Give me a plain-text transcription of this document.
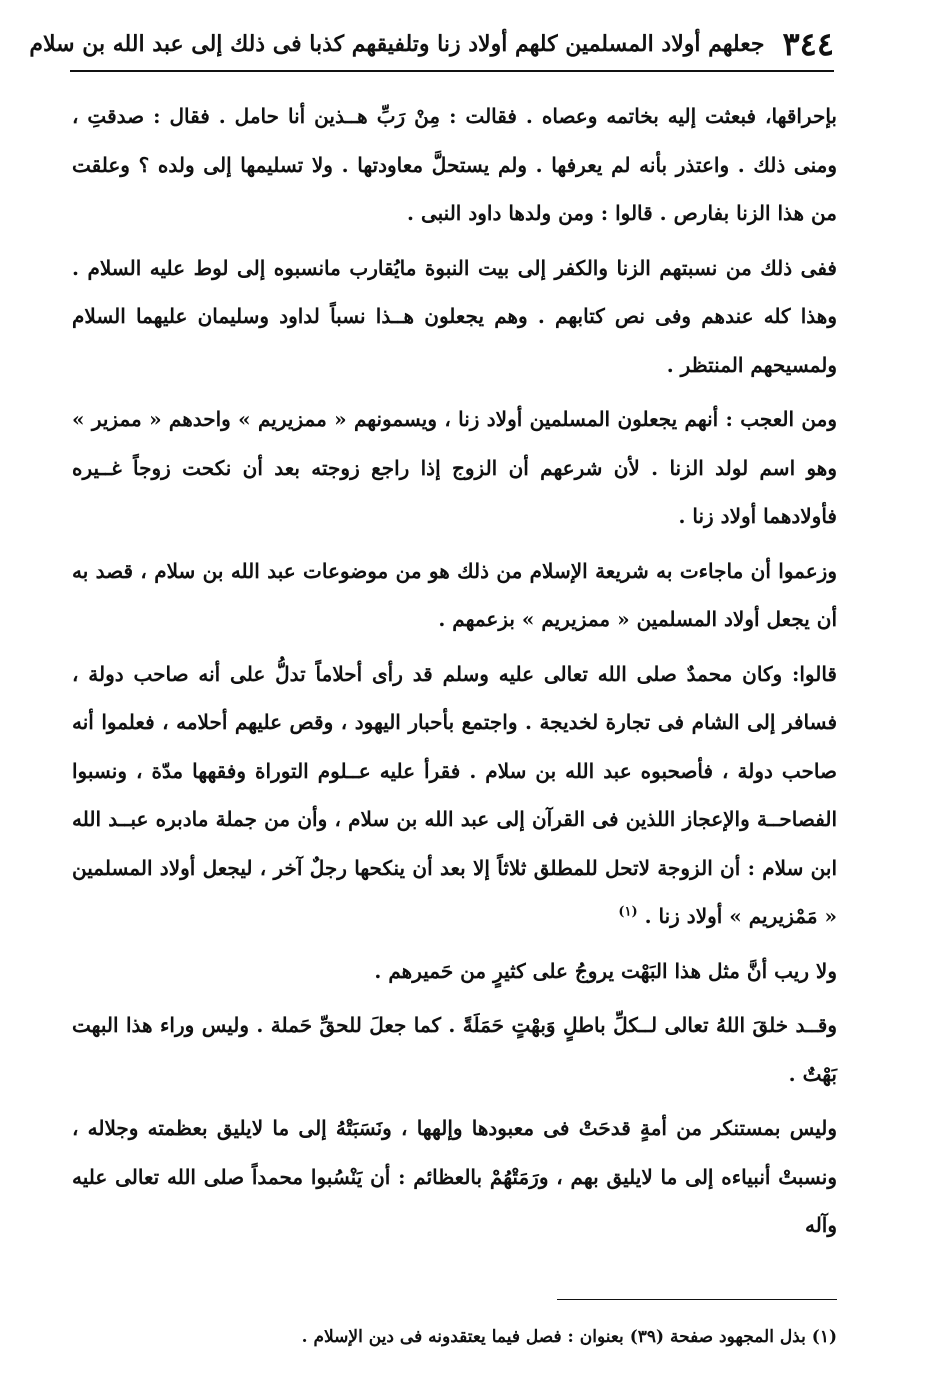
٣٤٤
جعلهم أولاد المسلمين كلهم أولاد زنا وتلفيقهم كذبا فى ذلك إلى عبد الله بن سلام

بإحراقها، فبعثت إليه بخاتمه وعصاه . فقالت : مِنْ رَبِّ هــذين أنا حامل . فقال : صدقتِ ، ومنى ذلك . واعتذر بأنه لم يعرفها . ولم يستحلَّ معاودتها . ولا تسليمها إلى ولده ؟ وعلقت من هذا الزنا بفارص . قالوا : ومن ولدها داود النبى .

ففى ذلك من نسبتهم الزنا والكفر إلى بيت النبوة مايُقارب مانسبوه إلى لوط عليه السلام . وهذا كله عندهم وفى نص كتابهم . وهم يجعلون هــذا نسباً لداود وسليمان عليهما السلام ولمسيحهم المنتظر .

ومن العجب : أنهم يجعلون المسلمين أولاد زنا ، ويسمونهم « ممزيريم » واحدهم « ممزير » وهو اسم لولد الزنا . لأن شرعهم أن الزوج إذا راجع زوجته بعد أن نكحت زوجاً غــيره فأولادهما أولاد زنا .

وزعموا أن ماجاءت به شريعة الإسلام من ذلك هو من موضوعات عبد الله بن سلام ، قصد به أن يجعل أولاد المسلمين « ممزيريم » بزعمهم .

قالوا: وكان محمدٌ صلى الله تعالى عليه وسلم قد رأى أحلاماً تدلُّ على أنه صاحب دولة ، فسافر إلى الشام فى تجارة لخديجة . واجتمع بأحبار اليهود ، وقص عليهم أحلامه ، فعلموا أنه صاحب دولة ، فأصحبوه عبد الله بن سلام . فقرأ عليه عــلوم التوراة وفقهها مدّة ، ونسبوا الفصاحــة والإعجاز اللذين فى القرآن إلى عبد الله بن سلام ، وأن من جملة مادبره عبــد الله ابن سلام : أن الزوجة لاتحل للمطلق ثلاثاً إلا بعد أن ينكحها رجلٌ آخر ، ليجعل أولاد المسلمين « مَمْزيريم » أولاد زنا . $^{(١)}$

ولا ريب أنَّ مثل هذا البَهْت يروجُ على كثيرٍ من حَميرهم .

وقــد خلقَ اللهُ تعالى لــكلِّ باطلٍ وَبهْتٍ حَمَلَةً . كما جعلَ للحقِّ حَملة . وليس وراء هذا البهت بَهْتٌ .

وليس بمستنكر من أمةٍ قدحَتْ فى معبودها وإلهها ، ونَسَبَتْهُ إلى ما لايليق بعظمته وجلاله ، ونسبتْ أنبياءه إلى ما لايليق بهم ، ورَمَتْهُمْ بالعظائم : أن يَنْسُبوا محمداً صلى الله تعالى عليه وآله

(١) بذل المجهود صفحة (٣٩) بعنوان : فصل فيما يعتقدونه فى دين الإسلام .
